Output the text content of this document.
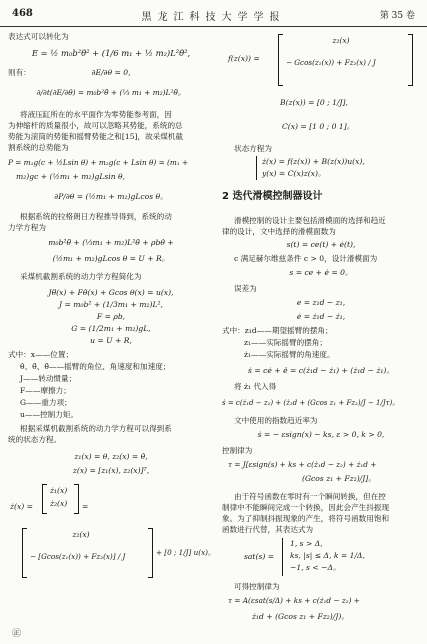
468	黑龙江科技大学学报	第 35 卷
表达式可以转化为
E = ½ m₀b²θ̇² + (1/6 m₁ + ½ m₂)L²θ̇²,
则有：	∂E/∂θ = 0,
∂/∂t(∂E/∂θ̇) = m₀b²θ̈ + (⅓ m₁ + m₂)L²θ̈。
将液压缸所在的水平面作为零势能参考面，因
为伸缩杆的质量很小，故可以忽略其势能，系统的总
势能为滚筒的势能和摇臂势能之和[15]，故采煤机截
割系统的总势能为
P = m₁g(c + ½Lsin θ) + m₂g(c + Lsin θ) = (m₁ +
m₂)gc + (½m₁ + m₂)gLsin θ,
∂P/∂θ = (½m₁ + m₂)gLcos θ。
根据系统的拉格朗日方程推导得到，系统的动
力学方程为
m₀b²θ̈ + (⅓m₁ + m₂)L²θ̈ + ρbθ̇ +
(½m₁ + m₂)gLcos θ = U + R。
采煤机截割系统的动力学方程简化为
Jθ̈(x) + Fθ̇(x) + Gcos θ(x) = u(x),
J = m₀b² + (1/3m₁ + m₂)L²,
F = ρb,
G = (1/2m₁ + m₂)gL,
u = U + R,
式中：x——位置；
θ̇、θ̈、θ̈——摇臂的角位、角速度和加速度；
J——转动惯量；
F——摩擦力；
G——重力项；
u——控制力矩。
根据采煤机截割系统的动力学方程可以得到系
统的状态方程。
z₁(x) = θ, z₂(x) = θ̇,
z(x) = [z₁(x), z₂(x)]ᵀ,
ż(x) =
ż₁(x)
ż₂(x) =
z₂(x)
− [Gcos(z₁(x)) + Fz₂(x)] / J	+ [0 ; 1/J] u(x)。
f(z(x)) =
z₂(x)
− Gcos(z₁(x)) + Fz₂(x) / J
B(z(x)) = [0 ; 1/J],
C(x) = [1 0 ; 0 1]。
状态方程为
ż(x) = f(z(x)) + B(z(x))u(x),
y(x) = C(x)z(x)。
2 迭代滑模控制器设计
滑模控制的设计主要包括滑模面的选择和趋近
律的设计，文中选择的滑模面数为
s(t) = ce(t) + ė(t),
c 满足赫尔维兹条件 c > 0，设计滑模面为
s = ce + ė = 0。
误差为
e = z₁d − z₁,
ė = ż₁d − ż₁,
式中：z₁d——期望摇臂的摆角；
z₁——实际摇臂的摆角；
ż₁——实际摇臂的角速度。
ṡ = cė + ë = c(ż₁d − ż₁) + (ż₁d − ż₁)。
将 ż₁ 代入得
ṡ = c(ż₁d − z₂) + (ż₁d + (Gcos z₁ + Fz₂)/J − 1/Jτ)。
文中使用的指数趋近率为
ṡ = − εsign(x) − ks, ε > 0, k > 0,
控制律为
τ = J[εsign(s) + ks + c(ż₁d − z₂) + ż₁d +
(Gcos z₁ + Fz₂)/J]。
由于符号函数在零时有一个瞬间转换，但在控
制律中不能瞬间完成一个转换，因此会产生抖振现
象。为了抑制抖振现象的产生，将符号函数用饱和
函数进行代替，其表达式为
sat(s) =
1, s > Δ,
ks, |s| ≤ Δ, k = 1/Δ,
−1, s < −Δ。
可得控制律为
τ = A(εsat(s/Δ) + ks + c(ż₁d − z₂) +
ż₁d + (Gcos z₁ + Fz₂)/J)。
㊣
